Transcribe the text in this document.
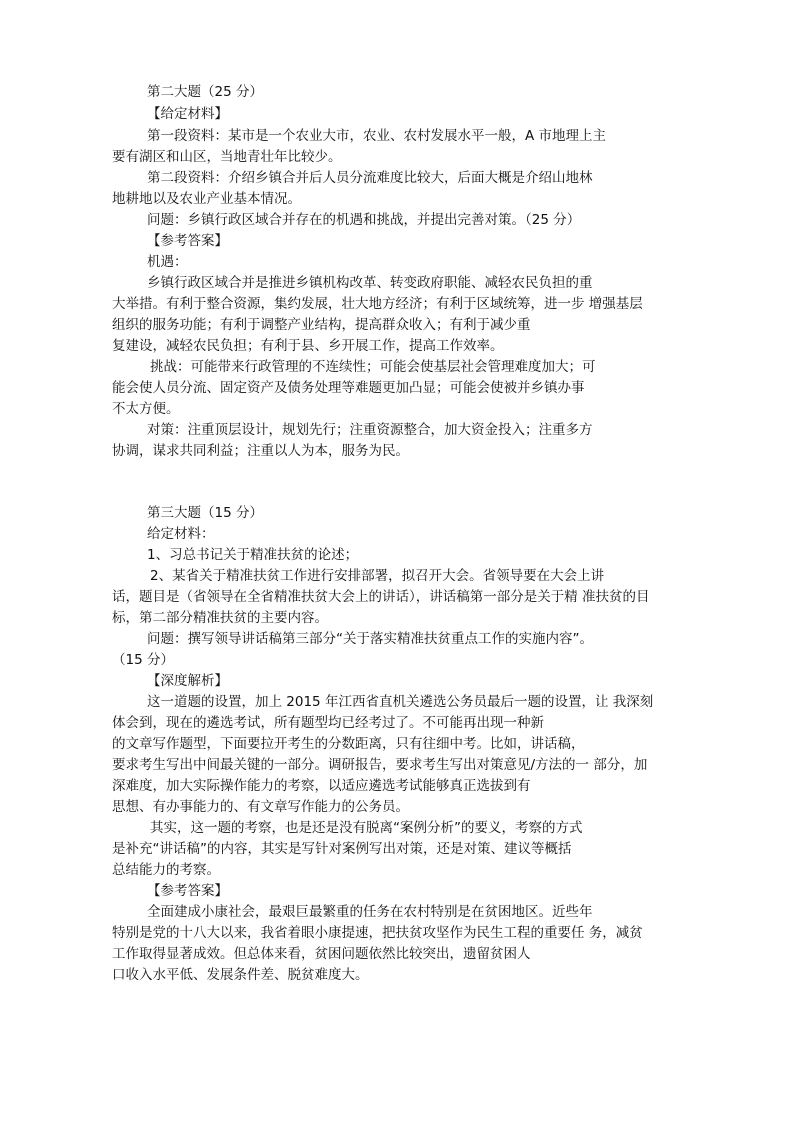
第二大题（25 分）
【给定材料】
第一段资料：某市是一个农业大市，农业、农村发展水平一般，A 市地理上主
要有湖区和山区，当地青壮年比较少。
第二段资料：介绍乡镇合并后人员分流难度比较大，后面大概是介绍山地林
地耕地以及农业产业基本情况。
问题：乡镇行政区域合并存在的机遇和挑战，并提出完善对策。（25 分）
【参考答案】
机遇：
乡镇行政区域合并是推进乡镇机构改革、转变政府职能、减轻农民负担的重
大举措。有利于整合资源，集约发展，壮大地方经济；有利于区域统筹，进一步 增强基层
组织的服务功能；有利于调整产业结构，提高群众收入；有利于减少重
复建设，减轻农民负担；有利于县、乡开展工作，提高工作效率。
挑战：可能带来行政管理的不连续性；可能会使基层社会管理难度加大；可
能会使人员分流、固定资产及债务处理等难题更加凸显；可能会使被并乡镇办事
不太方便。
对策：注重顶层设计，规划先行；注重资源整合，加大资金投入；注重多方
协调，谋求共同利益；注重以人为本，服务为民。
第三大题（15 分）
给定材料：
1、习总书记关于精准扶贫的论述；
2、某省关于精准扶贫工作进行安排部署，拟召开大会。省领导要在大会上讲
话，题目是（省领导在全省精准扶贫大会上的讲话），讲话稿第一部分是关于精 准扶贫的目
标，第二部分精准扶贫的主要内容。
问题：撰写领导讲话稿第三部分“关于落实精准扶贫重点工作的实施内容”。
（15 分）
【深度解析】
这一道题的设置，加上 2015 年江西省直机关遴选公务员最后一题的设置，让 我深刻
体会到，现在的遴选考试，所有题型均已经考过了。不可能再出现一种新
的文章写作题型，下面要拉开考生的分数距离，只有往细中考。比如，讲话稿，
要求考生写出中间最关键的一部分。调研报告，要求考生写出对策意见/方法的一 部分，加
深难度，加大实际操作能力的考察，以适应遴选考试能够真正选拔到有
思想、有办事能力的、有文章写作能力的公务员。
其实，这一题的考察，也是还是没有脱离“案例分析”的要义，考察的方式
是补充“讲话稿”的内容，其实是写针对案例写出对策，还是对策、建议等概括
总结能力的考察。
【参考答案】
全面建成小康社会，最艰巨最繁重的任务在农村特别是在贫困地区。近些年
特别是党的十八大以来，我省着眼小康提速，把扶贫攻坚作为民生工程的重要任 务，减贫
工作取得显著成效。但总体来看，贫困问题依然比较突出，遗留贫困人
口收入水平低、发展条件差、脱贫难度大。
